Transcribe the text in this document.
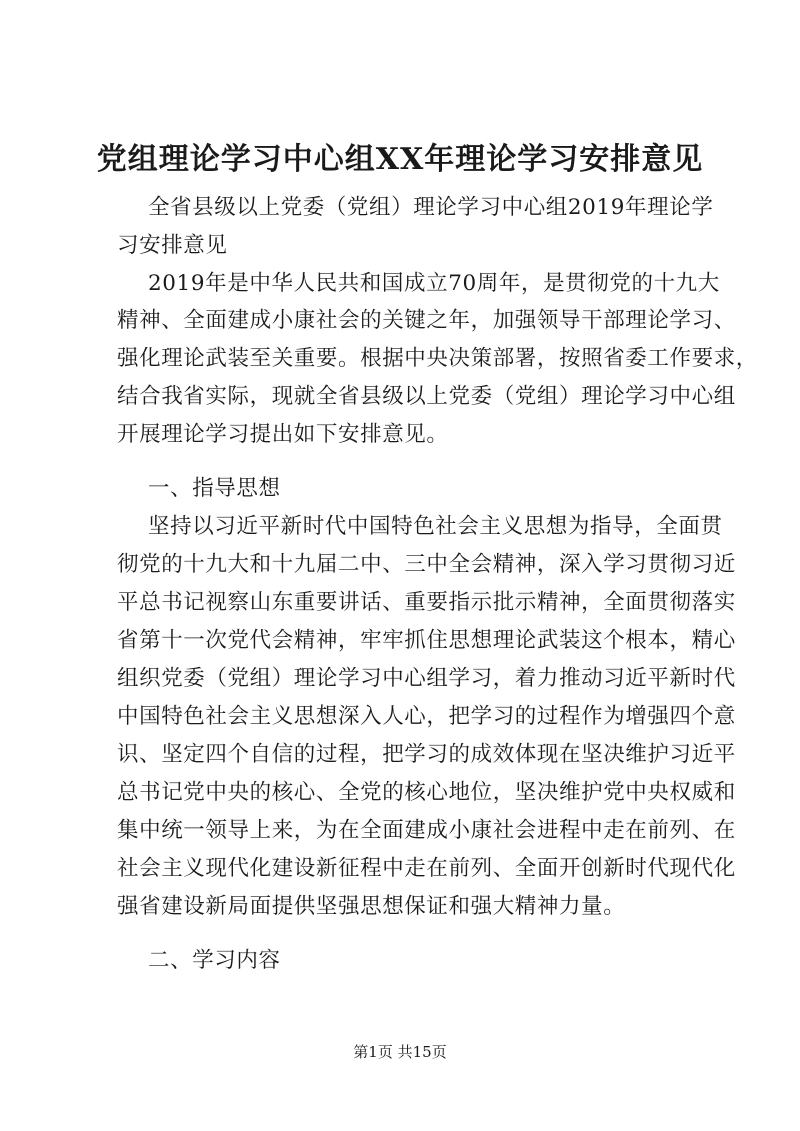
党组理论学习中心组XX年理论学习安排意见

全省县级以上党委（党组）理论学习中心组2019年理论学

习安排意见

2019年是中华人民共和国成立70周年，是贯彻党的十九大

精神、全面建成小康社会的关键之年，加强领导干部理论学习、

强化理论武装至关重要。根据中央决策部署，按照省委工作要求，

结合我省实际，现就全省县级以上党委（党组）理论学习中心组

开展理论学习提出如下安排意见。

一、指导思想

坚持以习近平新时代中国特色社会主义思想为指导，全面贯

彻党的十九大和十九届二中、三中全会精神，深入学习贯彻习近

平总书记视察山东重要讲话、重要指示批示精神，全面贯彻落实

省第十一次党代会精神，牢牢抓住思想理论武装这个根本，精心

组织党委（党组）理论学习中心组学习，着力推动习近平新时代

中国特色社会主义思想深入人心，把学习的过程作为增强四个意

识、坚定四个自信的过程，把学习的成效体现在坚决维护习近平

总书记党中央的核心、全党的核心地位，坚决维护党中央权威和

集中统一领导上来，为在全面建成小康社会进程中走在前列、在

社会主义现代化建设新征程中走在前列、全面开创新时代现代化

强省建设新局面提供坚强思想保证和强大精神力量。

二、学习内容

第1页 共15页
